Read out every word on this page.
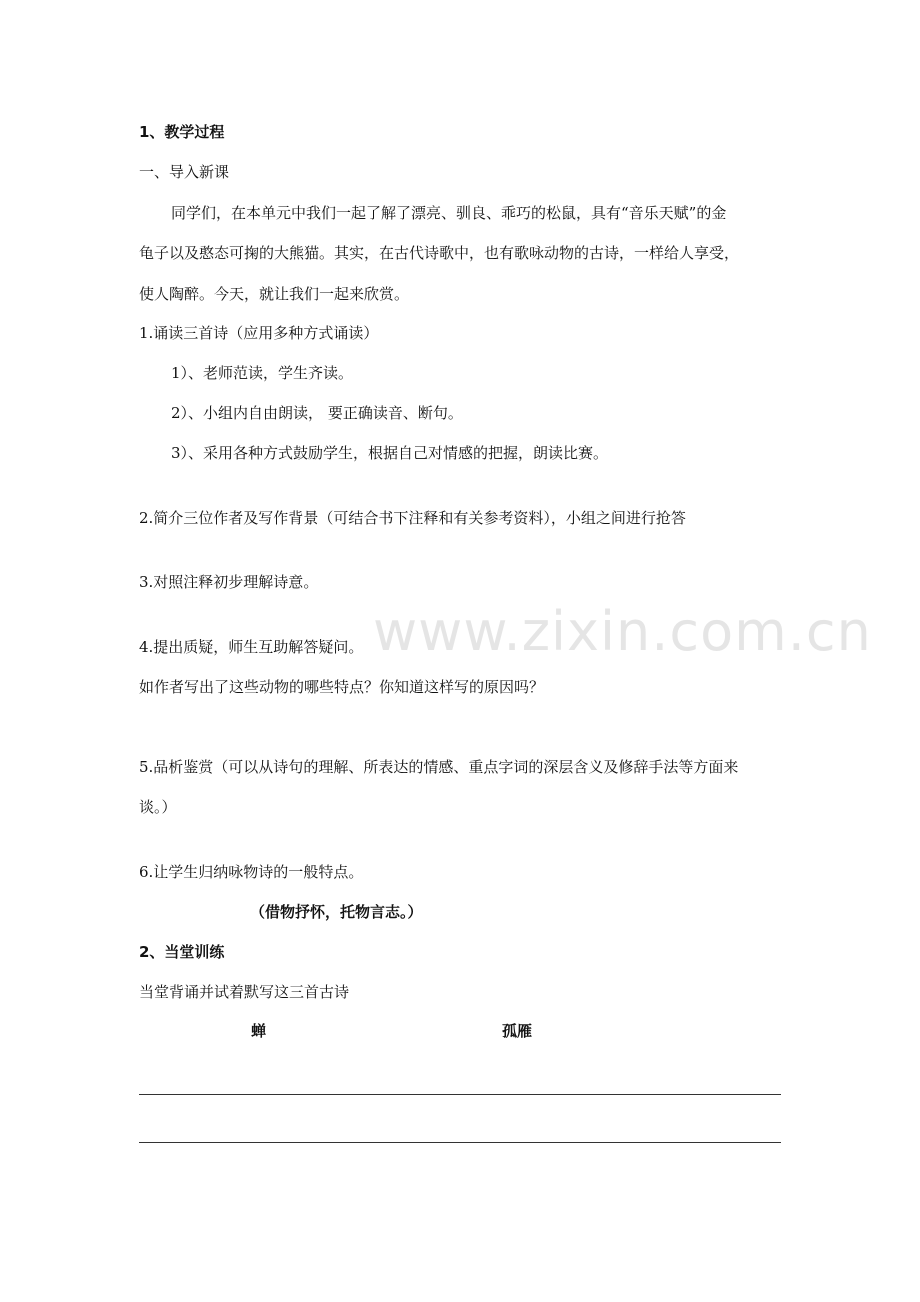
1、教学过程
一、导入新课
同学们，在本单元中我们一起了解了漂亮、驯良、乖巧的松鼠，具有“音乐天赋”的金
龟子以及憨态可掬的大熊猫。其实，在古代诗歌中，也有歌咏动物的古诗，一样给人享受，
使人陶醉。今天，就让我们一起来欣赏。
1.诵读三首诗（应用多种方式诵读）
1）、老师范读，学生齐读。
2）、小组内自由朗读， 要正确读音、断句。
3）、采用各种方式鼓励学生，根据自己对情感的把握，朗读比赛。
2.简介三位作者及写作背景（可结合书下注释和有关参考资料），小组之间进行抢答
3.对照注释初步理解诗意。
4.提出质疑，师生互助解答疑问。
如作者写出了这些动物的哪些特点？你知道这样写的原因吗？
5.品析鉴赏（可以从诗句的理解、所表达的情感、重点字词的深层含义及修辞手法等方面来
谈。）
6.让学生归纳咏物诗的一般特点。
（借物抒怀，托物言志。）
2、当堂训练
当堂背诵并试着默写这三首古诗
蝉	孤雁
www.zixin.com.cn
